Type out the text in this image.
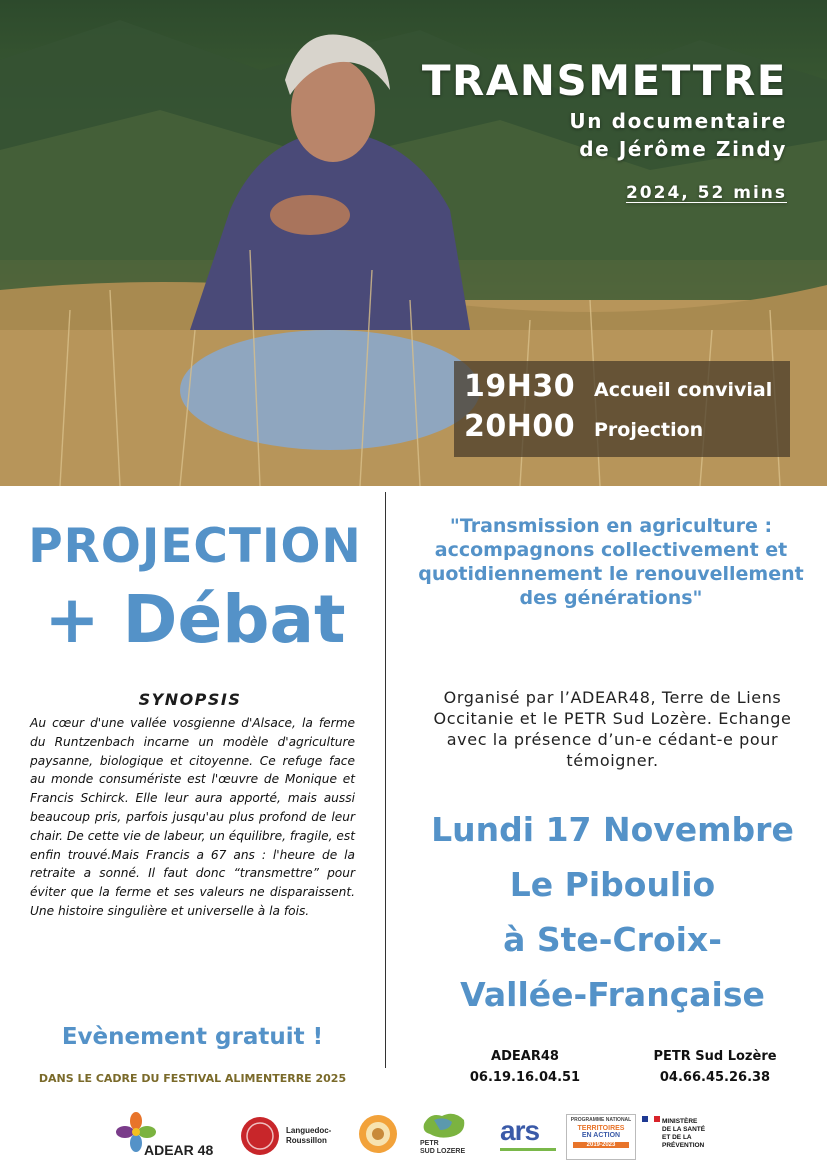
TRANSMETTRE
Un documentaire
de Jérôme Zindy
2024, 52 mins
19H30 Accueil convivial
20H00 Projection
PROJECTION
+ Débat
SYNOPSIS
Au cœur d'une vallée vosgienne d'Alsace, la ferme du Runtzenbach incarne un modèle d'agriculture paysanne, biologique et citoyenne. Ce refuge face au monde consumériste est l'œuvre de Monique et Francis Schirck. Elle leur aura apporté, mais aussi beaucoup pris, parfois jusqu'au plus profond de leur chair. De cette vie de labeur, un équilibre, fragile, est enfin trouvé.Mais Francis a 67 ans : l'heure de la retraite a sonné. Il faut donc “transmettre” pour éviter que la ferme et ses valeurs ne disparaissent. Une histoire singulière et universelle à la fois.
Evènement gratuit !
DANS LE CADRE DU FESTIVAL ALIMENTERRE 2025
"Transmission en agriculture : accompagnons collectivement et quotidiennement le renouvellement des générations"
Organisé par l’ADEAR48, Terre de Liens Occitanie et le PETR Sud Lozère. Echange avec la présence d’un-e cédant-e pour témoigner.
Lundi 17 Novembre
Le Piboulio
à Ste-Croix-
Vallée-Française
ADEAR48
06.19.16.04.51
PETR Sud Lozère
04.66.45.26.38
ADEAR 48
Languedoc-
Roussillon	PETR
SUD LOZERE
ars	PROGRAMME NATIONAL
TERRITOIRES
EN ACTION
2019-2023
MINISTÈRE
DE LA SANTÉ
ET DE LA PRÉVENTION
